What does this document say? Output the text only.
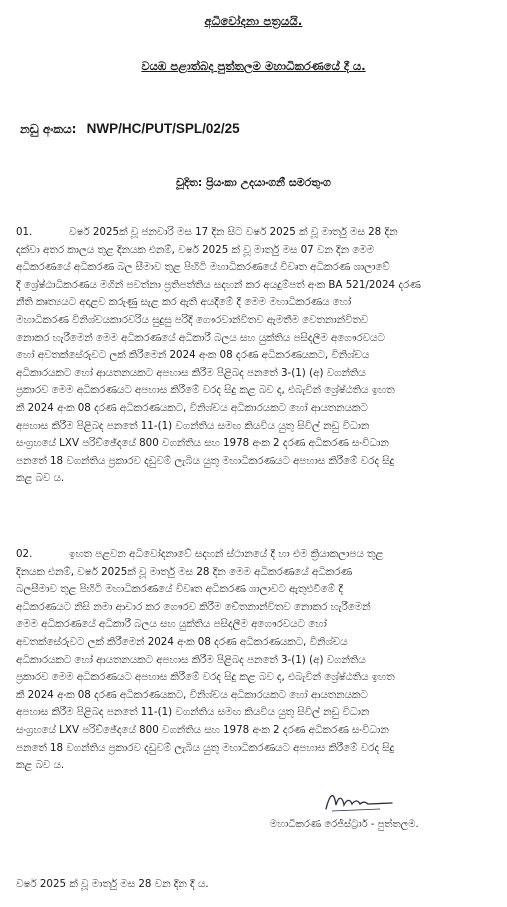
අධිවෝදනා පත්‍රයයි.
වයඹ පළාත්බද පුත්තලම මහාධිකරණයේ දී ය.
නඩු අංකය: NWP/HC/PUT/SPL/02/25
චූදිත: ප්‍රියංකා උදයාංගනී සමරතුංග
01.	වර්ෂ 2025ක් වූ ජනවාරි මස 17 දින සිට වර්ෂ 2025 ක් වූ මාර්තු මස 28 දින
දක්වා අතර කාලය තුළ දිනයක එනම්, වර්ෂ 2025 ක් වූ මාර්තු මස 07 වන දින මෙම
අධිකරණයේ අධිකරණ බල සීමාව තුළ පිහිටි මහාධිකරණයේ විවෘත අධිකරණ ශාලාවේ
දී ශ්‍රේෂ්ඨාධිකරණය මගින් පවත්නා ප්‍රතිපත්තිය සදහන් කර අයදුම්පත් අංක BA 521/2024 දරණ
නීති කෘත්‍යයට අදාළව කරුණු සැළ කර ඇති අයදීමේ දී මෙම මහාධිකරණය හෝ
මහාධිකරණ විනිශ්චයකාරවරිය සුදුසු පරිදි ගෞරවාන්විතව ඇමතීම වෙතනාන්විතව
නොකර හැරීමෙන් මෙම අධිකරණයේ අධිකාරී බලය සහ යුක්තිය පසිදලීම අගෞරවයට
හෝ අවතක්සේරුවට ලක් කිරීමෙන් 2024 අංක 08 දරණ අධිකරණයකට, විනිශ්චය
අධිකාරයකට හෝ ආයතනයකට අපහාස කිරීම පිළිබද පනතේ 3-(1) (අ) වගන්තිය
ප්‍රකාරව මෙම අධිකරණයට අපහාස කිරීමේ වරද සිදු කළ බව ද, එබැවින් ශ්‍රේෂ්ඨතිය ඉහත
කී 2024 අංක 08 දරණ අධිකරණයකට, විනිශ්චය අධිකාරයකට හෝ ආයතනයකට
අපහාස කිරීම පිළිබද පනතේ 11-(1) වගන්තිය සමඟ කියවිය යුතු සිවිල් නඩු විධාන
සංග්‍රහයේ LXV පරිච්ඡේදයේ 800 වගන්තිය සහ 1978 අංක 2 දරණ අධිකරණ සංවිධාන
පනතේ 18 වගන්තිය ප්‍රකාරව දඩුවම් ලැබිය යුතු මහාධිකරණයට අපහාස කිරීමේ වරද සිදු
කළ බව ය.
02.	ඉහත පළවන අධිවෝදනාවේ සදහන් ස්ථානයේ දී හා එම ක්‍රියාකලාපය තුළ
දිනයක එනම්, වර්ෂ 2025ක් වූ මාර්තු මස 28 දින මෙම අධිකරණයේ අධිකරණ
බලසීමාව තුළ පිහිටි මහාධිකරණයේ විවෘත අධිකරණ ශාලාවට ඇතුළුවීමේ දී
අධිකරණයට නිසි නමා ආචාර කර ගෞරව කිරීම චේතනාන්විතව නොකර හැරීමෙන්
මෙම අධිකරණයේ අධිකාරී බලය සහ යුක්තිය පසිදලීම අගෞරවයට හෝ
අවතක්සේරුවට ලක් කිරීමෙන් 2024 අංක 08 දරණ අධිකරණයකට, විනිශ්චය
අධිකාරයකට හෝ ආයතනයකට අපහාස කිරීම පිළිබද පනතේ 3-(1) (අ) වගන්තිය
ප්‍රකාරව මෙම අධිකරණයට අපහාස කිරීමේ වරද සිදු කළ බව ද, එබැවින් ශ්‍රේෂ්ඨතිය ඉහත
කී 2024 අංක 08 දරණ අධිකරණයකට, විනිශ්චය අධිකාරයකට හෝ ආයතනයකට
අපහාස කිරීම පිළිබද පනතේ 11-(1) වගන්තිය සමඟ කියවිය යුතු සිවිල් නඩු විධාන
සංග්‍රහයේ LXV පරිච්ඡේදයේ 800 වගන්තිය සහ 1978 අංක 2 දරණ අධිකරණ සංවිධාන
පනතේ 18 වගන්තිය ප්‍රකාරව දඩුවම් ලැබිය යුතු මහාධිකරණයට අපහාස කිරීමේ වරද සිදු
කළ බව ය.
මහාධිකරණ රෙජිස්ට්‍රාර් - පුත්තලම.
වර්ෂ 2025 ක් වූ මාර්තු මස 28 වන දින දී ය.
